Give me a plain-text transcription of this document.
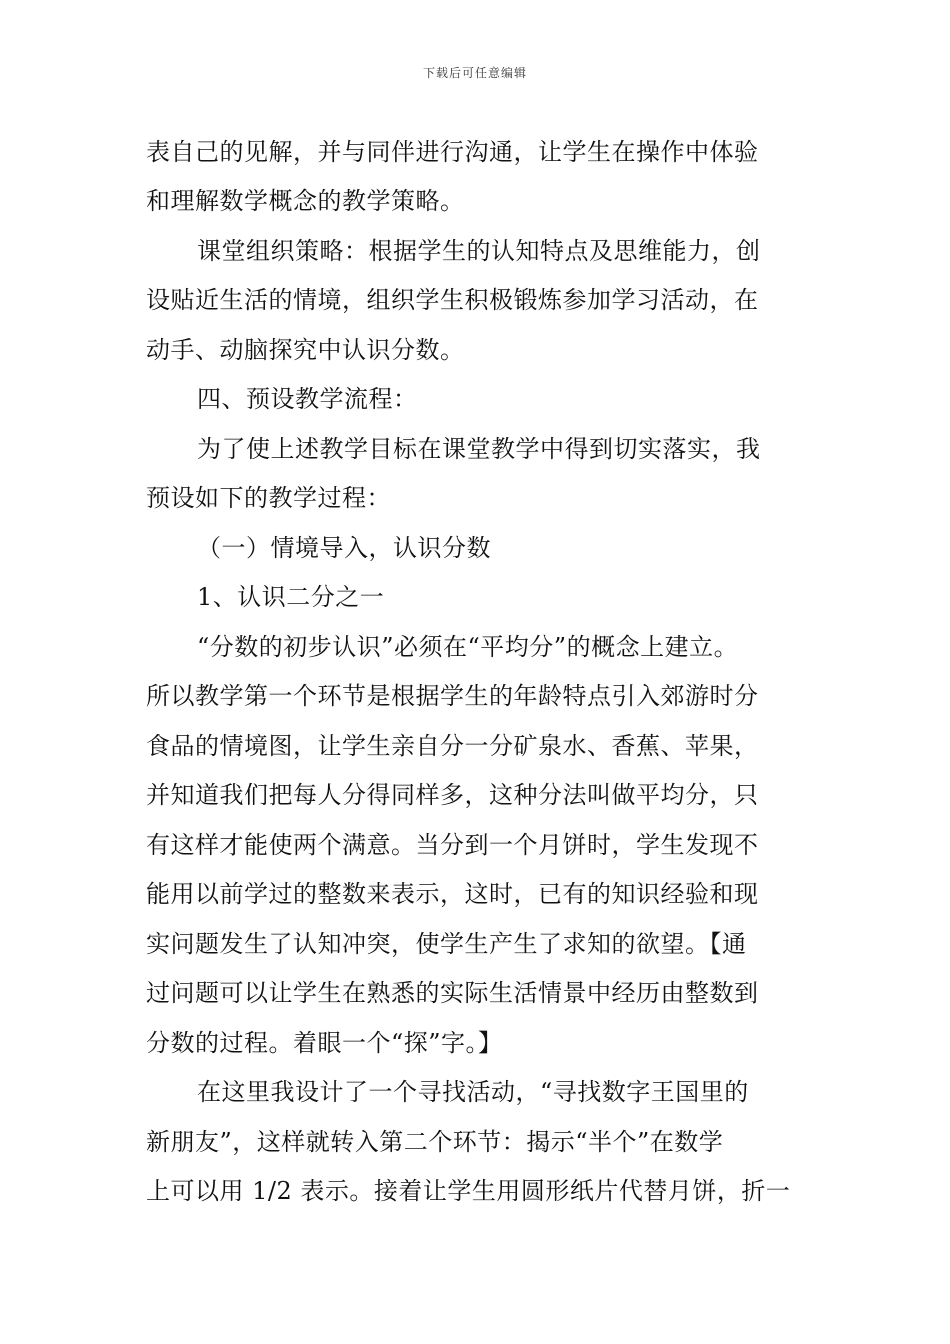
下载后可任意编辑
表自己的见解，并与同伴进行沟通，让学生在操作中体验
和理解数学概念的教学策略。
课堂组织策略：根据学生的认知特点及思维能力，创
设贴近生活的情境，组织学生积极锻炼参加学习活动，在
动手、动脑探究中认识分数。
四、预设教学流程：
为了使上述教学目标在课堂教学中得到切实落实，我
预设如下的教学过程：
（一）情境导入，认识分数
1、认识二分之一
“分数的初步认识”必须在“平均分”的概念上建立。
所以教学第一个环节是根据学生的年龄特点引入郊游时分
食品的情境图，让学生亲自分一分矿泉水、香蕉、苹果，
并知道我们把每人分得同样多，这种分法叫做平均分，只
有这样才能使两个满意。当分到一个月饼时，学生发现不
能用以前学过的整数来表示，这时，已有的知识经验和现
实问题发生了认知冲突，使学生产生了求知的欲望。【通
过问题可以让学生在熟悉的实际生活情景中经历由整数到
分数的过程。着眼一个“探”字。】
在这里我设计了一个寻找活动，“寻找数字王国里的
新朋友”，这样就转入第二个环节：揭示“半个”在数学
上可以用 1/2 表示。接着让学生用圆形纸片代替月饼，折一
